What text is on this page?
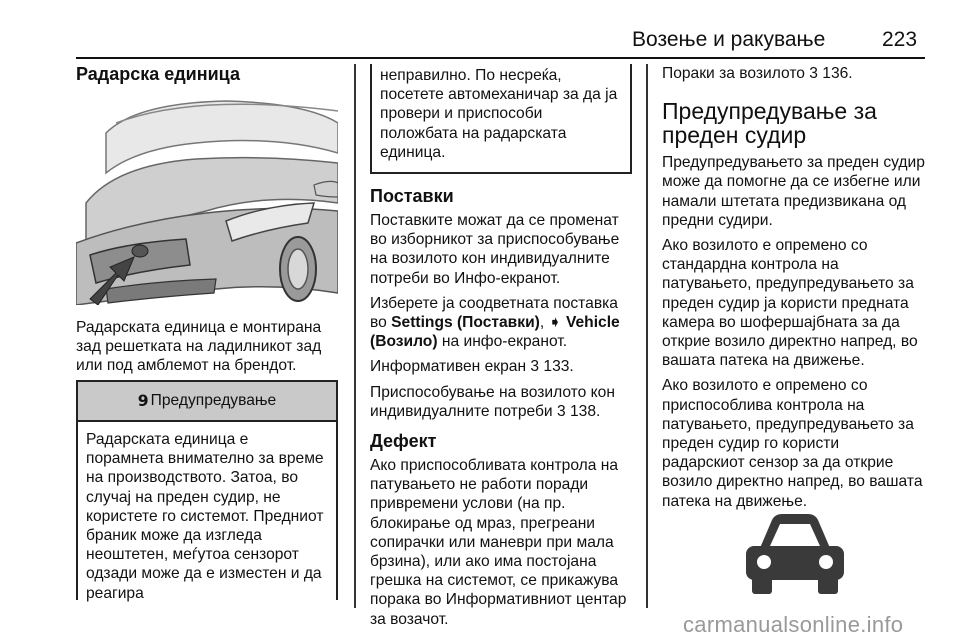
Возење и ракување	223
Радарска единица
Радарската единица е монтирана зад решетката на ладилникот зад или под амблемот на брендот.
9 Предупредување
Радарската единица е порамнета внимателно за време на производството. Затоа, во случај на преден судир, не користете го системот. Предниот браник може да изгледа неоштетен, меѓутоа сензорот одзади може да е изместен и да реагира
неправилно. По несреќа, посетете автомеханичар за да ја провери и приспособи положбата на радарската единица.
Поставки
Поставките можат да се променат во изборникот за приспособување на возилото кон индивидуалните потреби во Инфо-екранот.
Изберете ја соодветната поставка во Settings (Поставки), ➧ Vehicle (Возило) на инфо-екранот.
Информативен екран 3 133.
Приспособување на возилото кон индивидуалните потреби 3 138.
Дефект
Ако приспособливата контрола на патувањето не работи поради привремени услови (на пр. блокирање од мраз, прегреани сопирачки или маневри при мала брзина), или ако има постојана грешка на системот, се прикажува порака во Информативниот центар за возачот.
Пораки за возилото 3 136.
Предупредување за преден судир
Предупредувањето за преден судир може да помогне да се избегне или намали штетата предизвикана од предни судири.
Ако возилото е опремено со стандардна контрола на патувањето, предупредувањето за преден судир ја користи предната камера во шофершајбната за да открие возило директно напред, во вашата патека на движење.
Ако возилото е опремено со приспособлива контрола на патувањето, предупредувањето за преден судир го користи радарскиот сензор за да открие возило директно напред, во вашата патека на движење.
carmanualsonline.info
